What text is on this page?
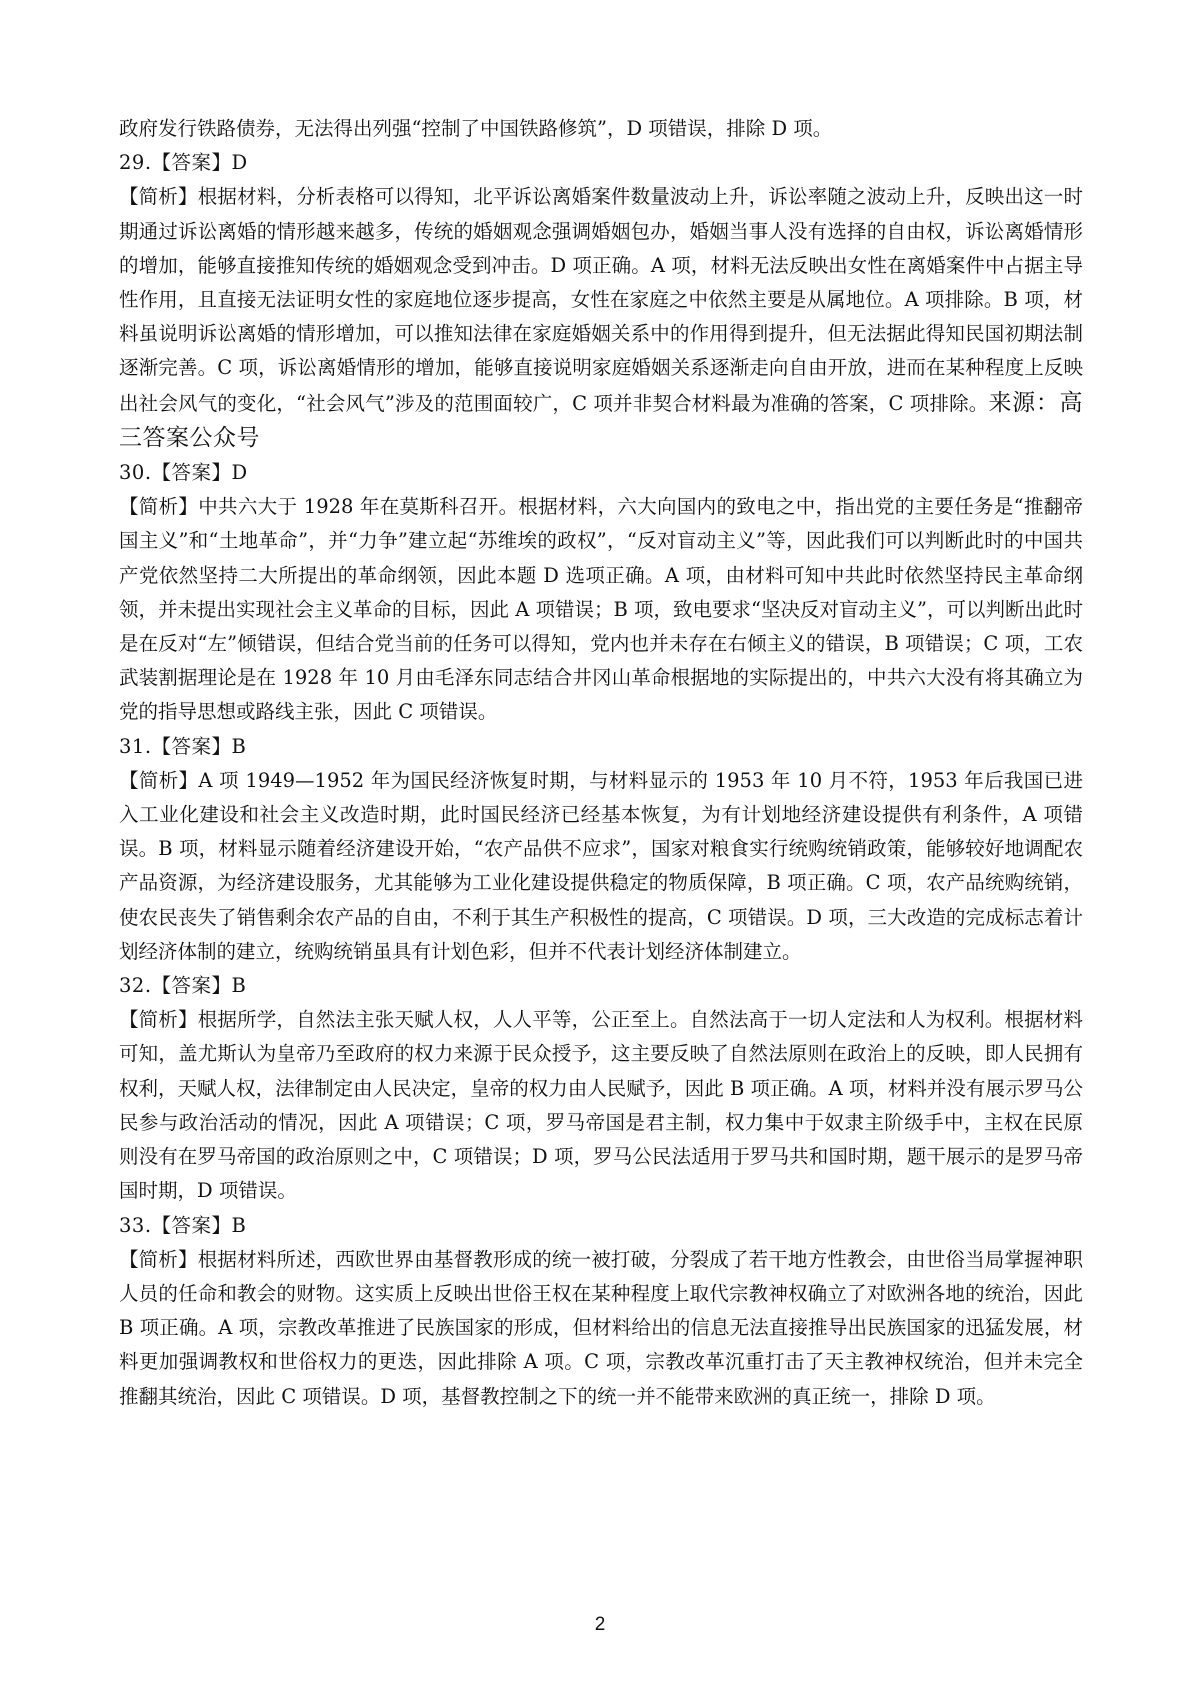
政府发行铁路债券，无法得出列强“控制了中国铁路修筑”，D 项错误，排除 D 项。

29.【答案】D

【简析】根据材料，分析表格可以得知，北平诉讼离婚案件数量波动上升，诉讼率随之波动上升，反映出这一时期通过诉讼离婚的情形越来越多，传统的婚姻观念强调婚姻包办，婚姻当事人没有选择的自由权，诉讼离婚情形的增加，能够直接推知传统的婚姻观念受到冲击。D 项正确。A 项，材料无法反映出女性在离婚案件中占据主导性作用，且直接无法证明女性的家庭地位逐步提高，女性在家庭之中依然主要是从属地位。A 项排除。B 项，材料虽说明诉讼离婚的情形增加，可以推知法律在家庭婚姻关系中的作用得到提升，但无法据此得知民国初期法制逐渐完善。C 项，诉讼离婚情形的增加，能够直接说明家庭婚姻关系逐渐走向自由开放，进而在某种程度上反映出社会风气的变化，“社会风气”涉及的范围面较广，C 项并非契合材料最为准确的答案，C 项排除。来源：高三答案公众号

30.【答案】D

【简析】中共六大于 1928 年在莫斯科召开。根据材料，六大向国内的致电之中，指出党的主要任务是“推翻帝国主义”和“土地革命”，并“力争”建立起“苏维埃的政权”，“反对盲动主义”等，因此我们可以判断此时的中国共产党依然坚持二大所提出的革命纲领，因此本题 D 选项正确。A 项，由材料可知中共此时依然坚持民主革命纲领，并未提出实现社会主义革命的目标，因此 A 项错误；B 项，致电要求“坚决反对盲动主义”，可以判断出此时是在反对“左”倾错误，但结合党当前的任务可以得知，党内也并未存在右倾主义的错误，B 项错误；C 项，工农武装割据理论是在 1928 年 10 月由毛泽东同志结合井冈山革命根据地的实际提出的，中共六大没有将其确立为党的指导思想或路线主张，因此 C 项错误。

31.【答案】B

【简析】A 项 1949—1952 年为国民经济恢复时期，与材料显示的 1953 年 10 月不符，1953 年后我国已进入工业化建设和社会主义改造时期，此时国民经济已经基本恢复，为有计划地经济建设提供有利条件，A 项错误。B 项，材料显示随着经济建设开始，“农产品供不应求”，国家对粮食实行统购统销政策，能够较好地调配农产品资源，为经济建设服务，尤其能够为工业化建设提供稳定的物质保障，B 项正确。C 项，农产品统购统销，使农民丧失了销售剩余农产品的自由，不利于其生产积极性的提高，C 项错误。D 项，三大改造的完成标志着计划经济体制的建立，统购统销虽具有计划色彩，但并不代表计划经济体制建立。

32.【答案】B

【简析】根据所学，自然法主张天赋人权，人人平等，公正至上。自然法高于一切人定法和人为权利。根据材料可知，盖尤斯认为皇帝乃至政府的权力来源于民众授予，这主要反映了自然法原则在政治上的反映，即人民拥有权利，天赋人权，法律制定由人民决定，皇帝的权力由人民赋予，因此 B 项正确。A 项，材料并没有展示罗马公民参与政治活动的情况，因此 A 项错误；C 项，罗马帝国是君主制，权力集中于奴隶主阶级手中，主权在民原则没有在罗马帝国的政治原则之中，C 项错误；D 项，罗马公民法适用于罗马共和国时期，题干展示的是罗马帝国时期，D 项错误。

33.【答案】B

【简析】根据材料所述，西欧世界由基督教形成的统一被打破，分裂成了若干地方性教会，由世俗当局掌握神职人员的任命和教会的财物。这实质上反映出世俗王权在某种程度上取代宗教神权确立了对欧洲各地的统治，因此 B 项正确。A 项，宗教改革推进了民族国家的形成，但材料给出的信息无法直接推导出民族国家的迅猛发展，材料更加强调教权和世俗权力的更迭，因此排除 A 项。C 项，宗教改革沉重打击了天主教神权统治，但并未完全推翻其统治，因此 C 项错误。D 项，基督教控制之下的统一并不能带来欧洲的真正统一，排除 D 项。

2
